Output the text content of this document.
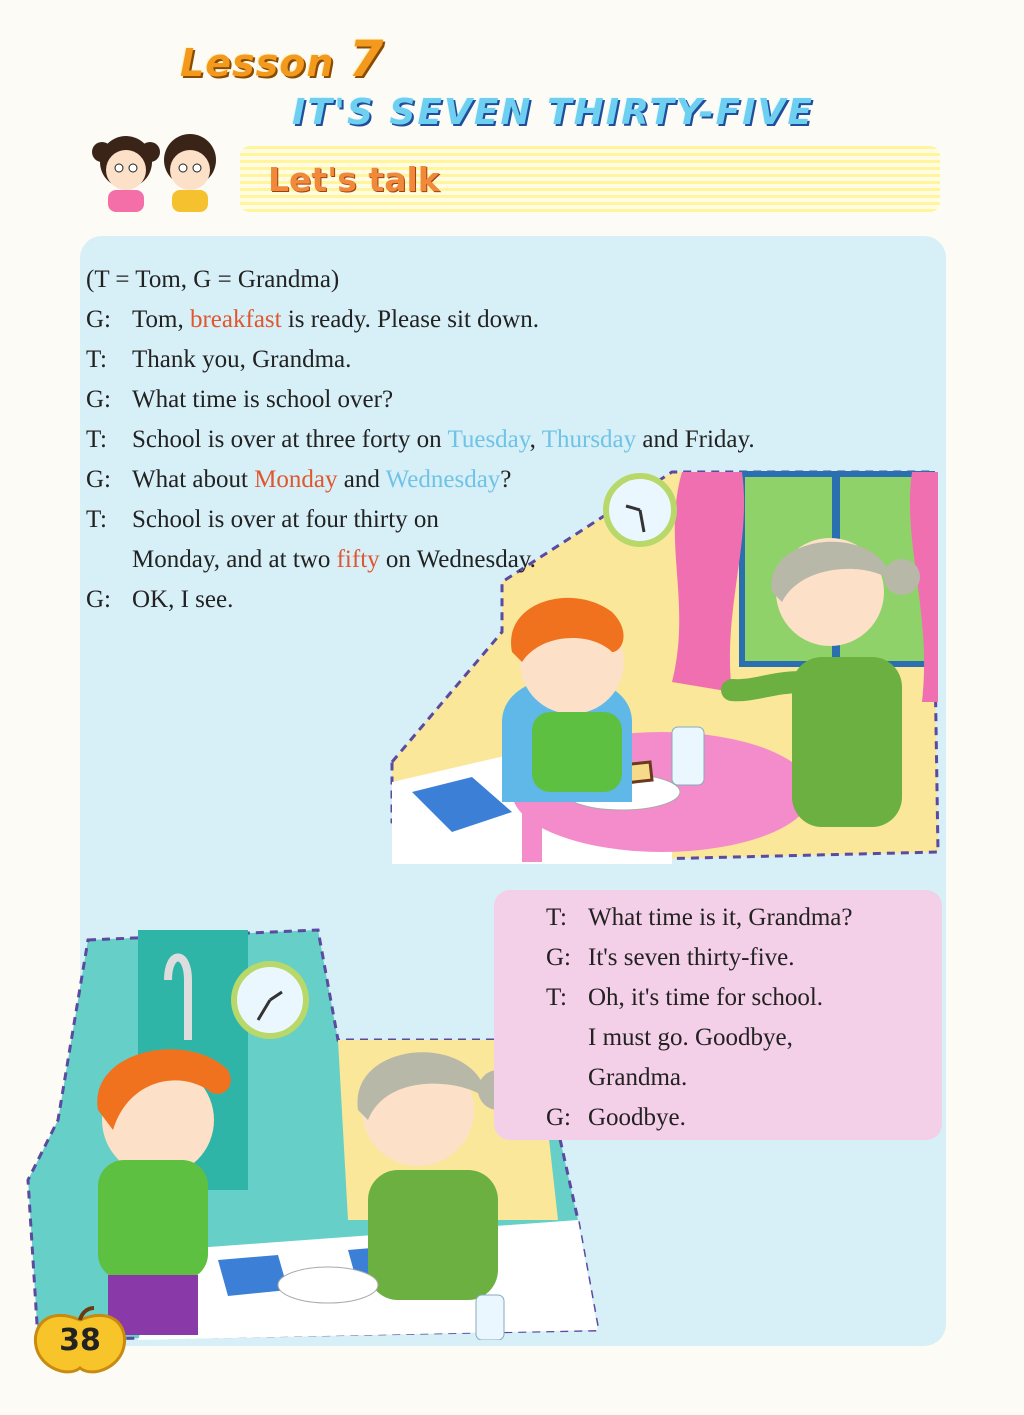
Lesson 7
IT'S SEVEN THIRTY-FIVE
Let's talk
(T = Tom, G = Grandma)
G: Tom, breakfast is ready. Please sit down.
T:	Thank you, Grandma.
G: What time is school over?
T:	School is over at three forty on Tuesday, Thursday and Friday.
G: What about Monday and Wednesday?
T:	School is over at four thirty on
Monday, and at two fifty on Wednesday.
G: OK, I see.
T: What time is it, Grandma?
G: It's seven thirty-five.
T: Oh, it's time for school.
I must go. Goodbye,
Grandma.
G: Goodbye.
38
